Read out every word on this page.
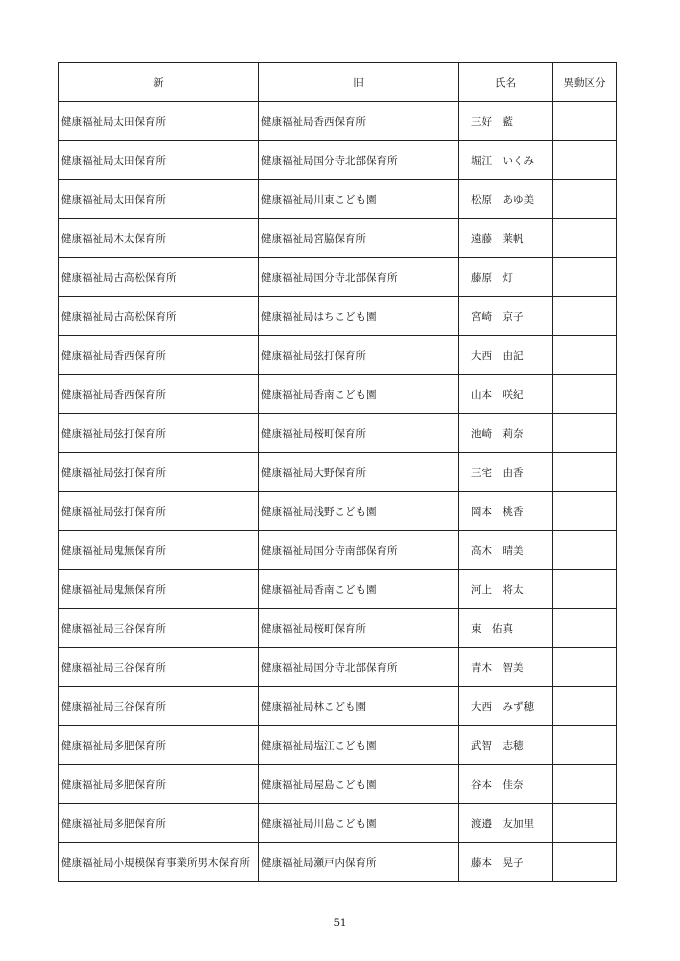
新	旧	氏名	異動区分
健康福祉局太田保育所	健康福祉局香西保育所	三好　藍	
健康福祉局太田保育所	健康福祉局国分寺北部保育所	堀江　いくみ	
健康福祉局太田保育所	健康福祉局川東こども園	松原　あゆ美	
健康福祉局木太保育所	健康福祉局宮脇保育所	遠藤　莱帆	
健康福祉局古高松保育所	健康福祉局国分寺北部保育所	藤原　灯	
健康福祉局古高松保育所	健康福祉局はちこども園	宮崎　京子	
健康福祉局香西保育所	健康福祉局弦打保育所	大西　由記	
健康福祉局香西保育所	健康福祉局香南こども園	山本　咲紀	
健康福祉局弦打保育所	健康福祉局桜町保育所	池崎　莉奈	
健康福祉局弦打保育所	健康福祉局大野保育所	三宅　由香	
健康福祉局弦打保育所	健康福祉局浅野こども園	岡本　桃香	
健康福祉局鬼無保育所	健康福祉局国分寺南部保育所	高木　晴美	
健康福祉局鬼無保育所	健康福祉局香南こども園	河上　将太	
健康福祉局三谷保育所	健康福祉局桜町保育所	東　佑真	
健康福祉局三谷保育所	健康福祉局国分寺北部保育所	青木　智美	
健康福祉局三谷保育所	健康福祉局林こども園	大西　みず穂	
健康福祉局多肥保育所	健康福祉局塩江こども園	武智　志穂	
健康福祉局多肥保育所	健康福祉局屋島こども園	谷本　佳奈	
健康福祉局多肥保育所	健康福祉局川島こども園	渡邉　友加里	
健康福祉局小規模保育事業所男木保育所	健康福祉局瀬戸内保育所	藤本　晃子	
51
